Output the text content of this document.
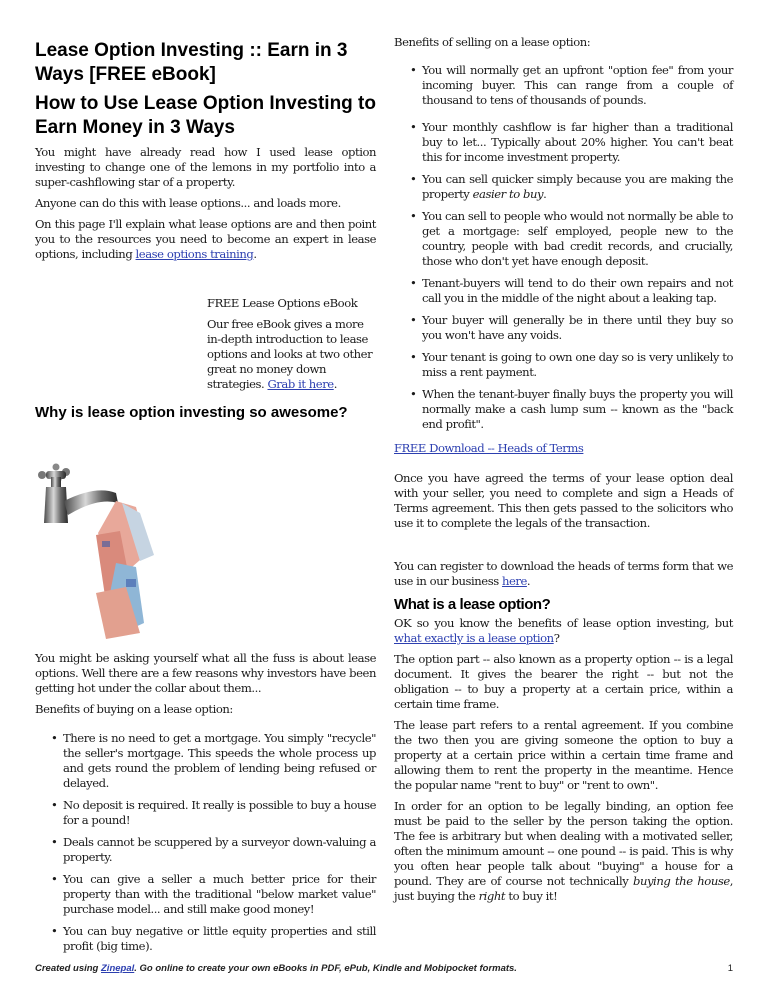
Lease Option Investing :: Earn in 3 Ways [FREE eBook]
How to Use Lease Option Investing to Earn Money in 3 Ways

You might have already read how I used lease option investing to change one of the lemons in my portfolio into a super-cashflowing star of a property.

Anyone can do this with lease options... and loads more.

On this page I'll explain what lease options are and then point you to the resources you need to become an expert in lease options, including lease options training.

FREE Lease Options eBook
Our free eBook gives a more in-depth introduction to lease options and looks at two other great no money down strategies. Grab it here.
Why is lease option investing so awesome?

You might be asking yourself what all the fuss is about lease options. Well there are a few reasons why investors have been getting hot under the collar about them...

Benefits of buying on a lease option:

• There is no need to get a mortgage. You simply "recycle" the seller's mortgage. This speeds the whole process up and gets round the problem of lending being refused or delayed.
• No deposit is required. It really is possible to buy a house for a pound!
• Deals cannot be scuppered by a surveyor down-valuing a property.
• You can give a seller a much better price for their property than with the traditional "below market value" purchase model... and still make good money!
• You can buy negative or little equity properties and still profit (big time).

Benefits of selling on a lease option:

• You will normally get an upfront "option fee" from your incoming buyer. This can range from a couple of thousand to tens of thousands of pounds.
• Your monthly cashflow is far higher than a traditional buy to let... Typically about 20% higher. You can't beat this for income investment property.
• You can sell quicker simply because you are making the property easier to buy.
• You can sell to people who would not normally be able to get a mortgage: self employed, people new to the country, people with bad credit records, and crucially, those who don't yet have enough deposit.
• Tenant-buyers will tend to do their own repairs and not call you in the middle of the night about a leaking tap.
• Your buyer will generally be in there until they buy so you won't have any voids.
• Your tenant is going to own one day so is very unlikely to miss a rent payment.
• When the tenant-buyer finally buys the property you will normally make a cash lump sum -- known as the "back end profit".

FREE Download -- Heads of Terms

Once you have agreed the terms of your lease option deal with your seller, you need to complete and sign a Heads of Terms agreement. This then gets passed to the solicitors who use it to complete the legals of the transaction.

You can register to download the heads of terms form that we use in our business here.

What is a lease option?

OK so you know the benefits of lease option investing, but what exactly is a lease option?

The option part -- also known as a property option -- is a legal document. It gives the bearer the right -- but not the obligation -- to buy a property at a certain price, within a certain time frame.

The lease part refers to a rental agreement. If you combine the two then you are giving someone the option to buy a property at a certain price within a certain time frame and allowing them to rent the property in the meantime. Hence the popular name "rent to buy" or "rent to own".

In order for an option to be legally binding, an option fee must be paid to the seller by the person taking the option. The fee is arbitrary but when dealing with a motivated seller, often the minimum amount -- one pound -- is paid. This is why you often hear people talk about "buying" a house for a pound. They are of course not technically buying the house, just buying the right to buy it!

Created using Zinepal. Go online to create your own eBooks in PDF, ePub, Kindle and Mobipocket formats.	1
